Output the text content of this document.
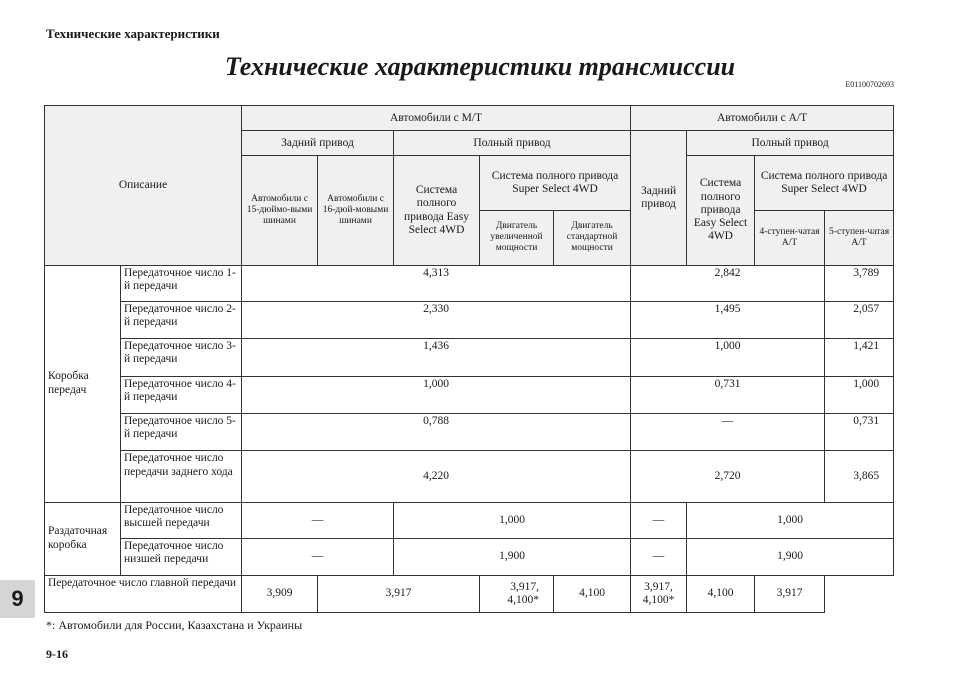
Технические характеристики
Технические характеристики трансмиссии
E01100702693
Описание		Автомобили с M/T					Автомобили с A/T			
		Задний привод		Полный привод			Задний привод	Полный привод		
		Автомобили с 15-дюймо-выми шинами	Автомобили с 16-дюй-мовыми шинами	Система полного привода Easy Select 4WD	Система полного привода Super Select 4WD			Система полного привода Easy Select 4WD	Система полного привода Super Select 4WD	
					Двигатель увеличенной мощности	Двигатель стандартной мощности			4-ступен-чатая A/T	5-ступен-чатая A/T
Коробка передач	Передаточное число 1-й передачи	4,313					2,842			3,789
	Передаточное число 2-й передачи	2,330					1,495			2,057
	Передаточное число 3-й передачи	1,436					1,000			1,421
	Передаточное число 4-й передачи	1,000					0,731			1,000
	Передаточное число 5-й передачи	0,788					—			0,731
	Передаточное число передачи заднего хода	4,220					2,720			3,865
Раздаточная коробка	Передаточное число высшей передачи	—		1,000			—	1,000		
	Передаточное число низшей передачи	—		1,900			—	1,900		
Передаточное число главной передачи		3,909	3,917		3,917, 4,100*	4,100	3,917, 4,100*	4,100	3,917	
*: Автомобили для России, Казахстана и Украины
9
9-16
